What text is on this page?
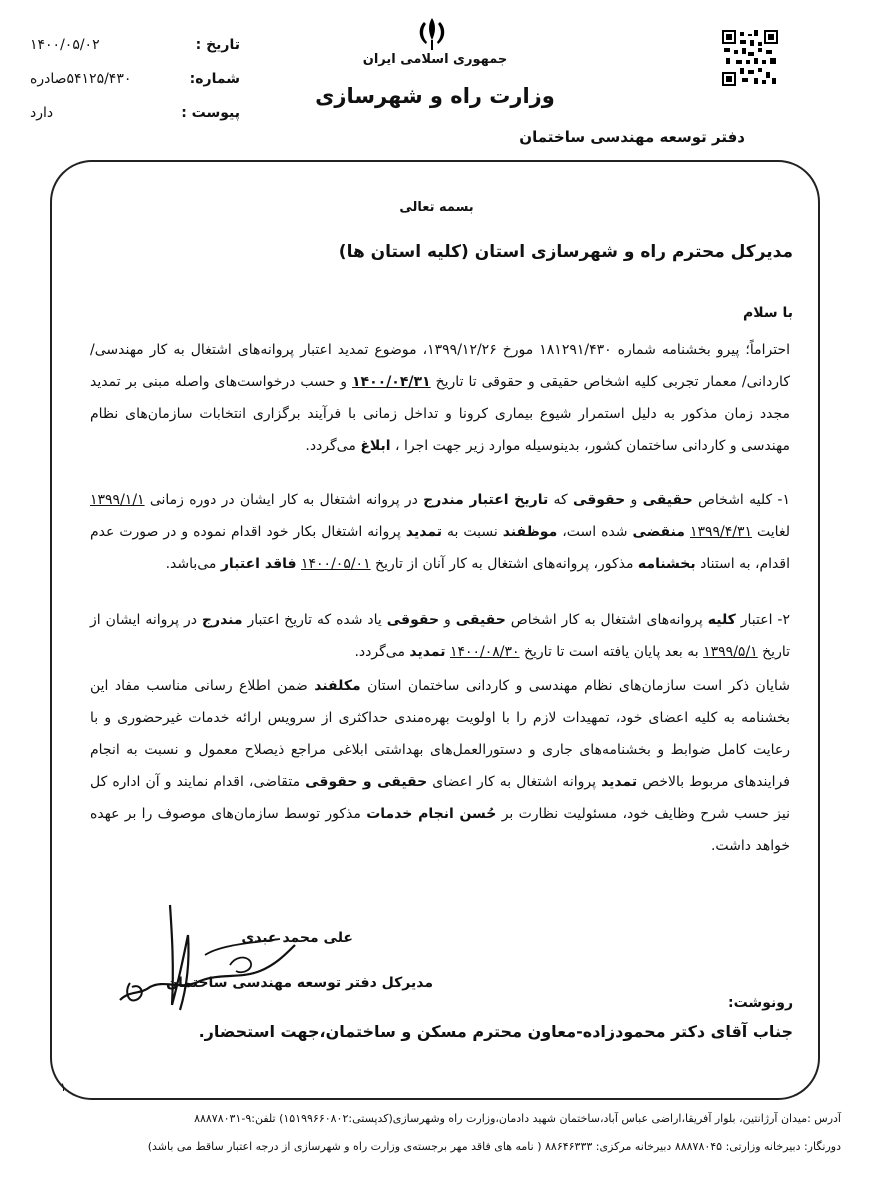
تاریخ :
۱۴۰۰/۰۵/۰۲
شماره:
۵۴۱۲۵/۴۳۰صادره
پیوست :
دارد
جمهوری اسلامی ایران
وزارت راه و شهرسازی
دفتر توسعه مهندسی ساختمان
بسمه تعالی
مدیرکل محترم راه و شهرسازی استان (کلیه استان ها)
با سلام
احتراماً؛ پیرو بخشنامه شماره ۱۸۱۲۹۱/۴۳۰ مورخ ۱۳۹۹/۱۲/۲۶، موضوع تمدید اعتبار پروانه‌های اشتغال به کار مهندسی/ کاردانی/ معمار تجربی کلیه اشخاص حقیقی و حقوقی تا تاریخ ۱۴۰۰/۰۴/۳۱ و حسب درخواست‌های واصله مبنی بر تمدید مجدد زمان مذکور به دلیل استمرار شیوع بیماری کرونا و تداخل زمانی با فرآیند برگزاری انتخابات سازمان‌های نظام مهندسی و کاردانی ساختمان کشور، بدینوسیله موارد زیر جهت اجرا ، ابلاغ می‌گردد.
۱- کلیه اشخاص حقیقی و حقوقی که تاریخ اعتبار مندرج در پروانه اشتغال به کار ایشان در دوره زمانی ۱۳۹۹/۱/۱ لغایت ۱۳۹۹/۴/۳۱ منقضی شده است، موظفند نسبت به تمدید پروانه اشتغال بکار خود اقدام نموده و در صورت عدم اقدام، به استناد بخشنامه مذکور، پروانه‌های اشتغال به کار آنان از تاریخ ۱۴۰۰/۰۵/۰۱ فاقد اعتبار می‌باشد.
۲- اعتبار کلیه پروانه‌های اشتغال به کار اشخاص حقیقی و حقوقی یاد شده که تاریخ اعتبار مندرج در پروانه ایشان از تاریخ ۱۳۹۹/۵/۱ به بعد پایان یافته است تا تاریخ ۱۴۰۰/۰۸/۳۰ تمدید می‌گردد.
شایان ذکر است سازمان‌های نظام مهندسی و کاردانی ساختمان استان مکلفند ضمن اطلاع رسانی مناسب مفاد این بخشنامه به کلیه اعضای خود، تمهیدات لازم را با اولویت بهره‌مندی حداکثری از سرویس ارائه خدمات غیرحضوری و با رعایت کامل ضوابط و بخشنامه‌های جاری و دستورالعمل‌های بهداشتی ابلاغی مراجع ذیصلاح معمول و نسبت به انجام فرایندهای مربوط بالاخص تمدید پروانه اشتغال به کار اعضای حقیقی و حقوقی متقاضی، اقدام نمایند و آن اداره کل نیز حسب شرح وظایف خود، مسئولیت نظارت بر حُسن انجام خدمات مذکور توسط سازمان‌های موصوف را بر عهده خواهد داشت.
علی محمد عبدی
مدیرکل دفتر توسعه مهندسی ساختمان
رونوشت:
جناب آقای دکتر محمودزاده-معاون محترم مسکن و ساختمان،جهت استحضار.
۱
آدرس :میدان آرژانتین، بلوار آفریقا،اراضی عباس آباد،ساختمان شهید دادمان،وزارت راه وشهرسازی(کدپستی:۱۵۱۹۹۶۶۰۸۰۲) تلفن:۹-۸۸۸۷۸۰۳۱
دورنگار: دبیرخانه وزارتی: ۸۸۸۷۸۰۴۵ دبیرخانه مرکزی: ۸۸۶۴۶۳۳۳ ( نامه های فاقد مهر برجسته‌ی وزارت راه و شهرسازی از درجه اعتبار ساقط می باشد)
